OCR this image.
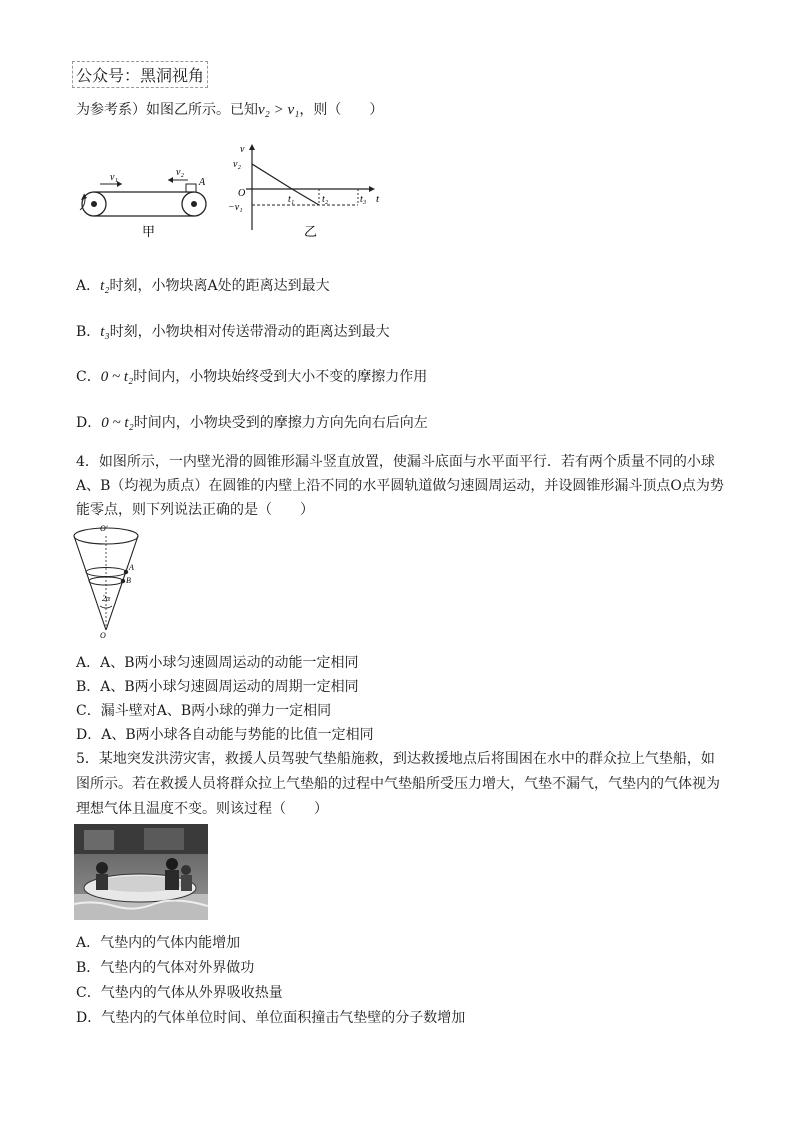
公众号：黑洞视角
为参考系）如图乙所示。已知v₂ > v₁，则（　　）
v₁	v₂
A
甲
v
t
v₂
O
−v₁
t₁	t₂	t₃
乙
A．t₂时刻，小物块离A处的距离达到最大
B．t₃时刻，小物块相对传送带滑动的距离达到最大
C．0 ~ t₂时间内，小物块始终受到大小不变的摩擦力作用
D．0 ~ t₂时间内，小物块受到的摩擦力方向先向右后向左
4．如图所示，一内壁光滑的圆锥形漏斗竖直放置，使漏斗底面与水平面平行．若有两个质量不同的小球
A、B（均视为质点）在圆锥的内壁上沿不同的水平圆轨道做匀速圆周运动，并设圆锥形漏斗顶点O点为势
能零点，则下列说法正确的是（　　）
O'
A
B
2α
O
A．A、B两小球匀速圆周运动的动能一定相同
B．A、B两小球匀速圆周运动的周期一定相同
C．漏斗壁对A、B两小球的弹力一定相同
D．A、B两小球各自动能与势能的比值一定相同
5．某地突发洪涝灾害，救援人员驾驶气垫船施救，到达救援地点后将围困在水中的群众拉上气垫船，如
图所示。若在救援人员将群众拉上气垫船的过程中气垫船所受压力增大，气垫不漏气，气垫内的气体视为
理想气体且温度不变。则该过程（　　）
A．气垫内的气体内能增加
B．气垫内的气体对外界做功
C．气垫内的气体从外界吸收热量
D．气垫内的气体单位时间、单位面积撞击气垫壁的分子数增加
